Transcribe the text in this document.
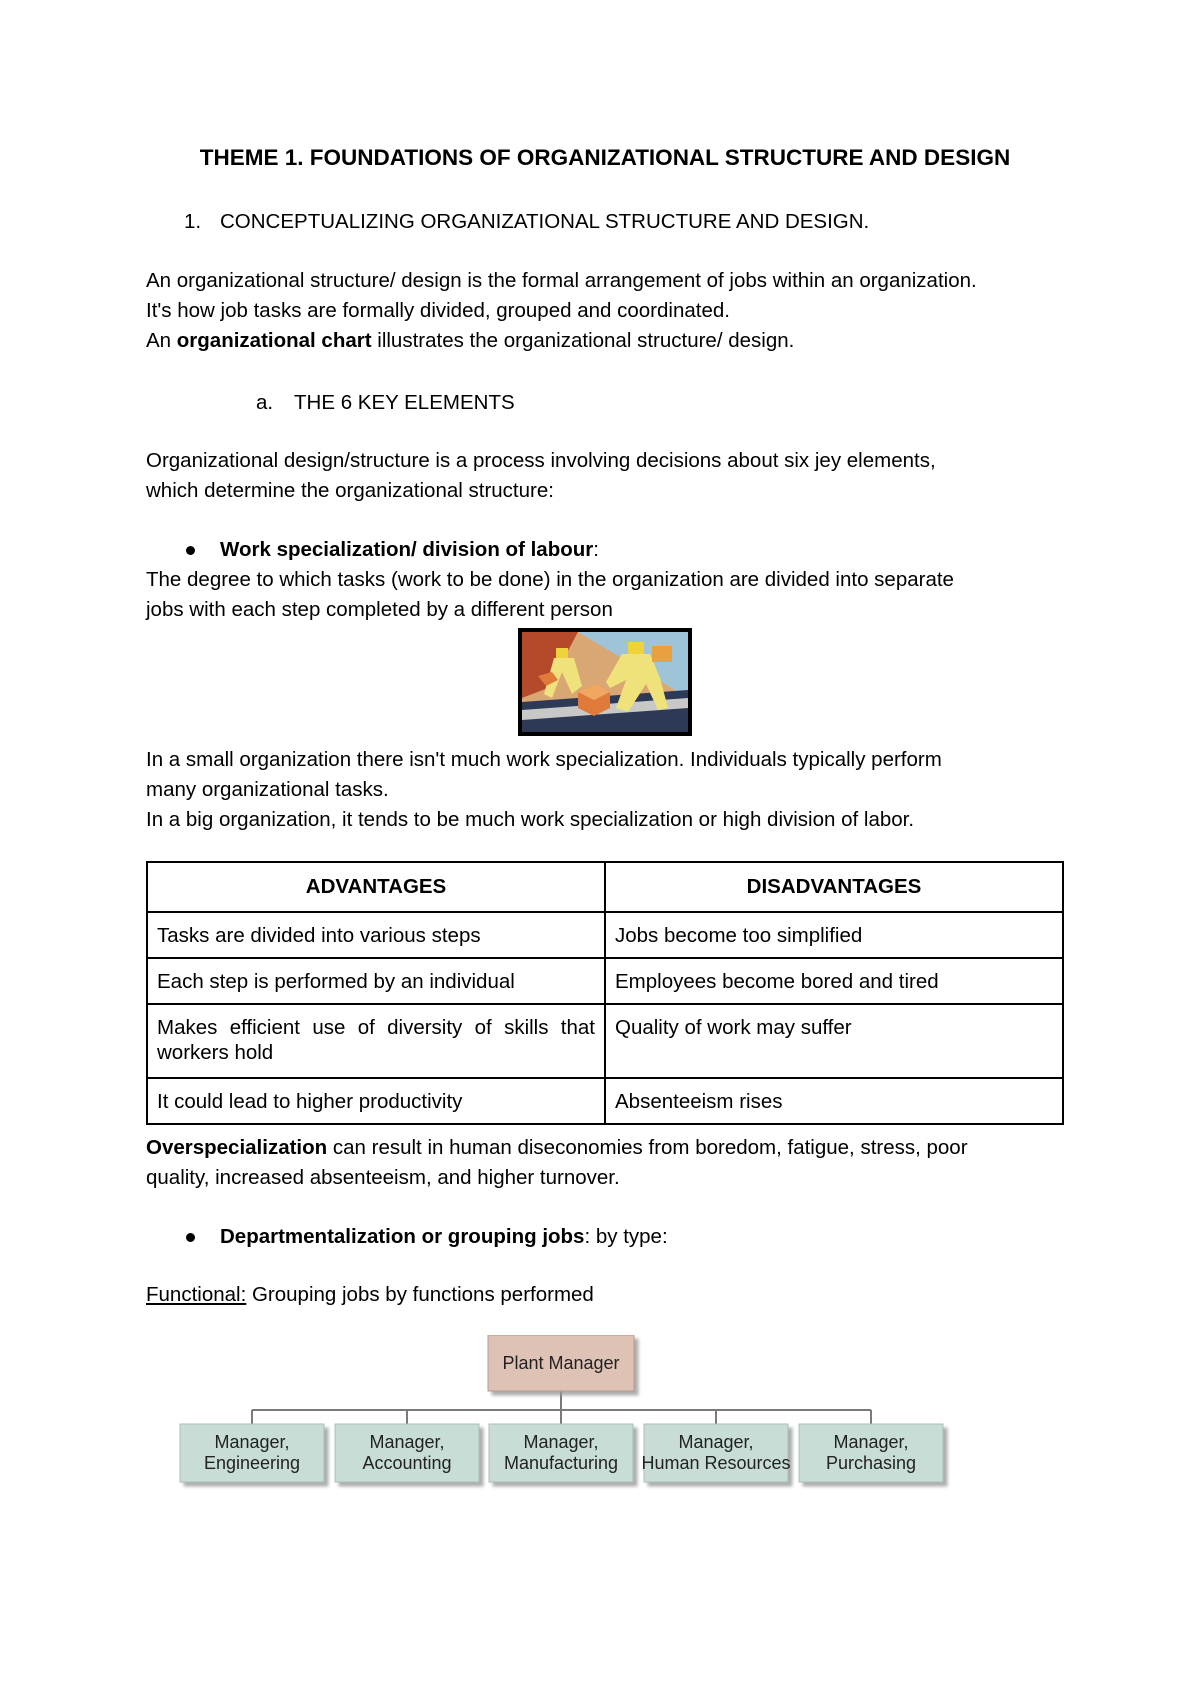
THEME 1. FOUNDATIONS OF ORGANIZATIONAL STRUCTURE AND DESIGN
1. CONCEPTUALIZING ORGANIZATIONAL STRUCTURE AND DESIGN.

An organizational structure/ design is the formal arrangement of jobs within an organization.

It's how job tasks are formally divided, grouped and coordinated.

An organizational chart illustrates the organizational structure/ design.

a. THE 6 KEY ELEMENTS

Organizational design/structure is a process involving decisions about six jey elements,

which determine the organizational structure:

Work specialization/ division of labour:

The degree to which tasks (work to be done) in the organization are divided into separate

jobs with each step completed by a different person

In a small organization there isn't much work specialization. Individuals typically perform

many organizational tasks.

In a big organization, it tends to be much work specialization or high division of labor.

ADVANTAGES	DISADVANTAGES
Tasks are divided into various steps	Jobs become too simplified
Each step is performed by an individual	Employees become bored and tired
Makes efficient use of diversity of skills that workers hold	Quality of work may suffer
It could lead to higher productivity	Absenteeism rises

Overspecialization can result in human diseconomies from boredom, fatigue, stress, poor

quality, increased absenteeism, and higher turnover.

Departmentalization or grouping jobs: by type:

Functional: Grouping jobs by functions performed

Plant Manager
Manager,
Engineering
Manager,
Accounting
Manager,
Manufacturing
Manager,
Human Resources
Manager,
Purchasing
